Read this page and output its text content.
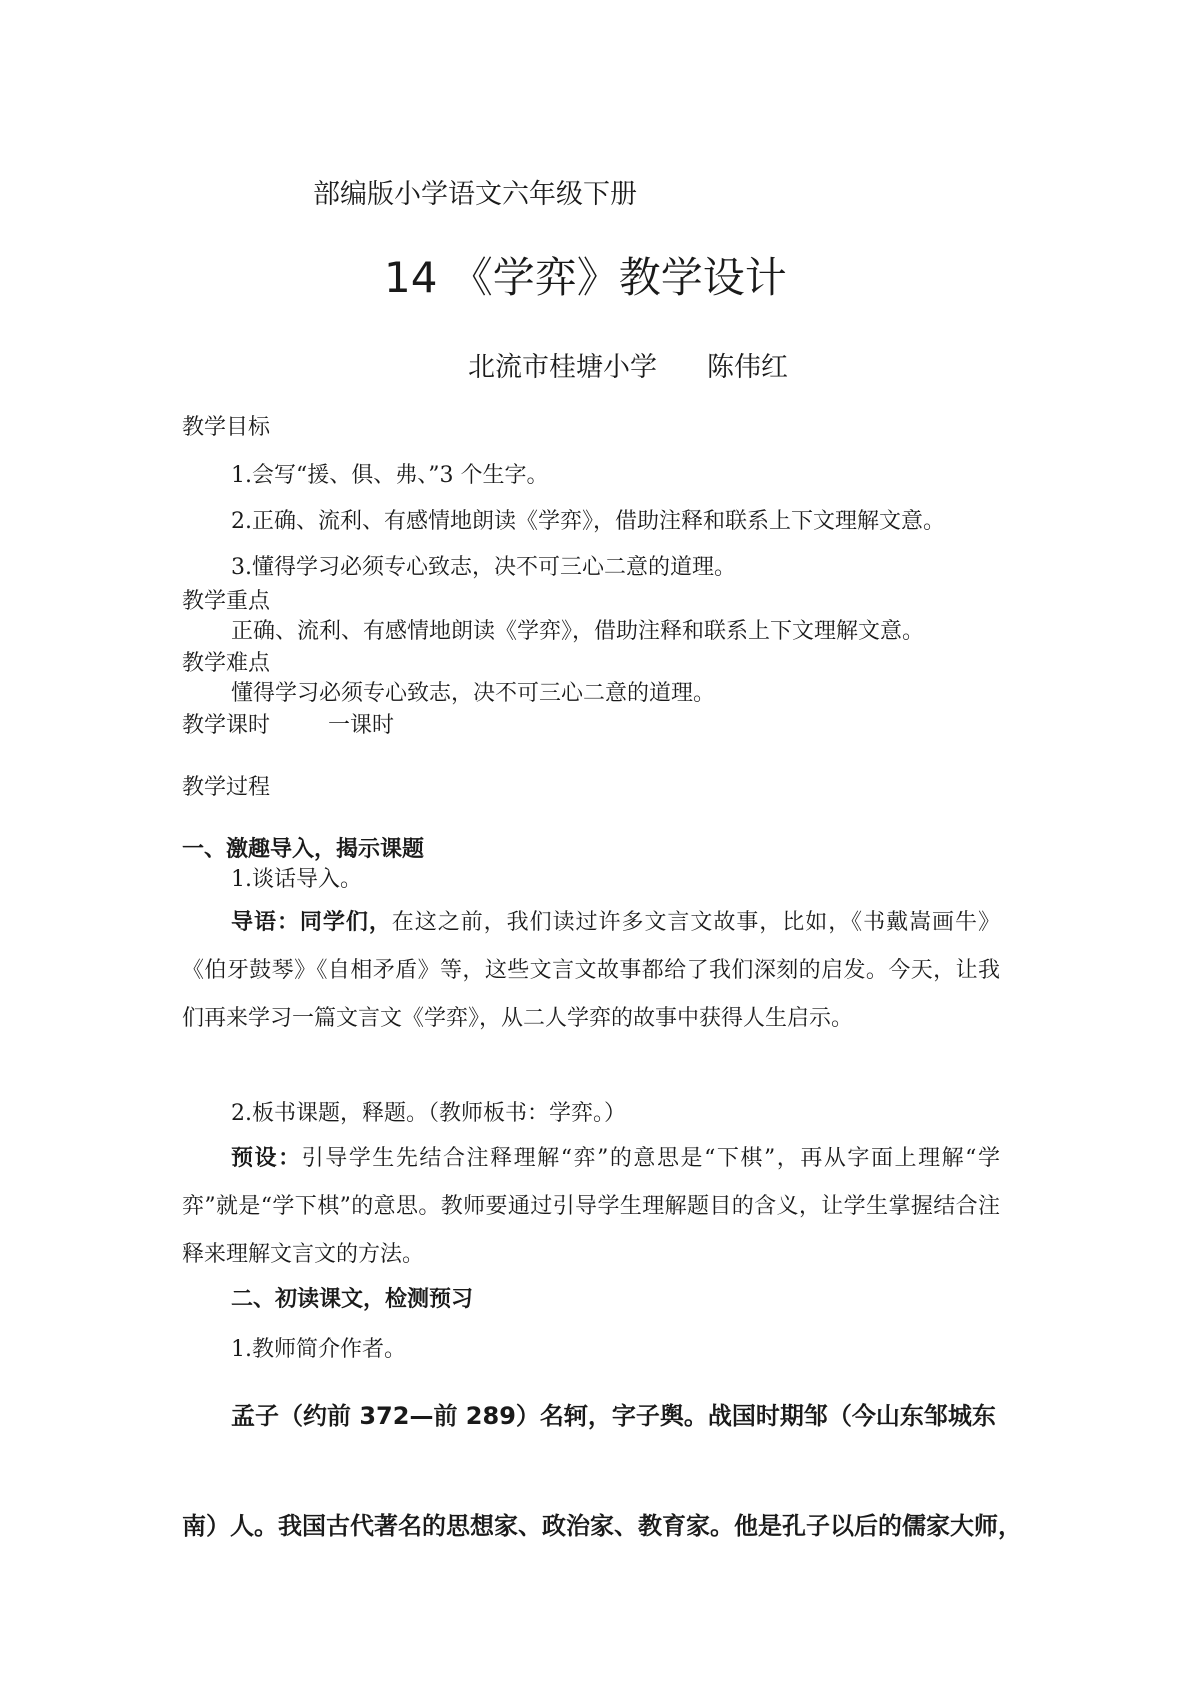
部编版小学语文六年级下册
14 《学弈》教学设计
北流市桂塘小学 陈伟红
教学目标
1.会写“援、俱、弗、”3 个生字。
2.正确、流利、有感情地朗读《学弈》，借助注释和联系上下文理解文意。
3.懂得学习必须专心致志，决不可三心二意的道理。
教学重点
正确、流利、有感情地朗读《学弈》，借助注释和联系上下文理解文意。
教学难点
懂得学习必须专心致志，决不可三心二意的道理。
教学课时	一课时
教学过程
一、激趣导入，揭示课题
1.谈话导入。

导语：同学们，在这之前，我们读过许多文言文故事，比如，《书戴嵩画牛》 《伯牙鼓琴》《自相矛盾》等，这些文言文故事都给了我们深刻的启发。今天，让我们再来学习一篇文言文《学弈》，从二人学弈的故事中获得人生启示。

2.板书课题，释题。（教师板书：学弈。）

预设：引导学生先结合注释理解“弈”的意思是“下棋”，再从字面上理解“学弈”就是“学下棋”的意思。教师要通过引导学生理解题目的含义，让学生掌握结合注释来理解文言文的方法。

二、初读课文，检测预习
1.教师简介作者。
孟子（约前 372—前 289）名轲，字子舆。战国时期邹（今山东邹城东
南）人。我国古代著名的思想家、政治家、教育家。他是孔子以后的儒家大师，
